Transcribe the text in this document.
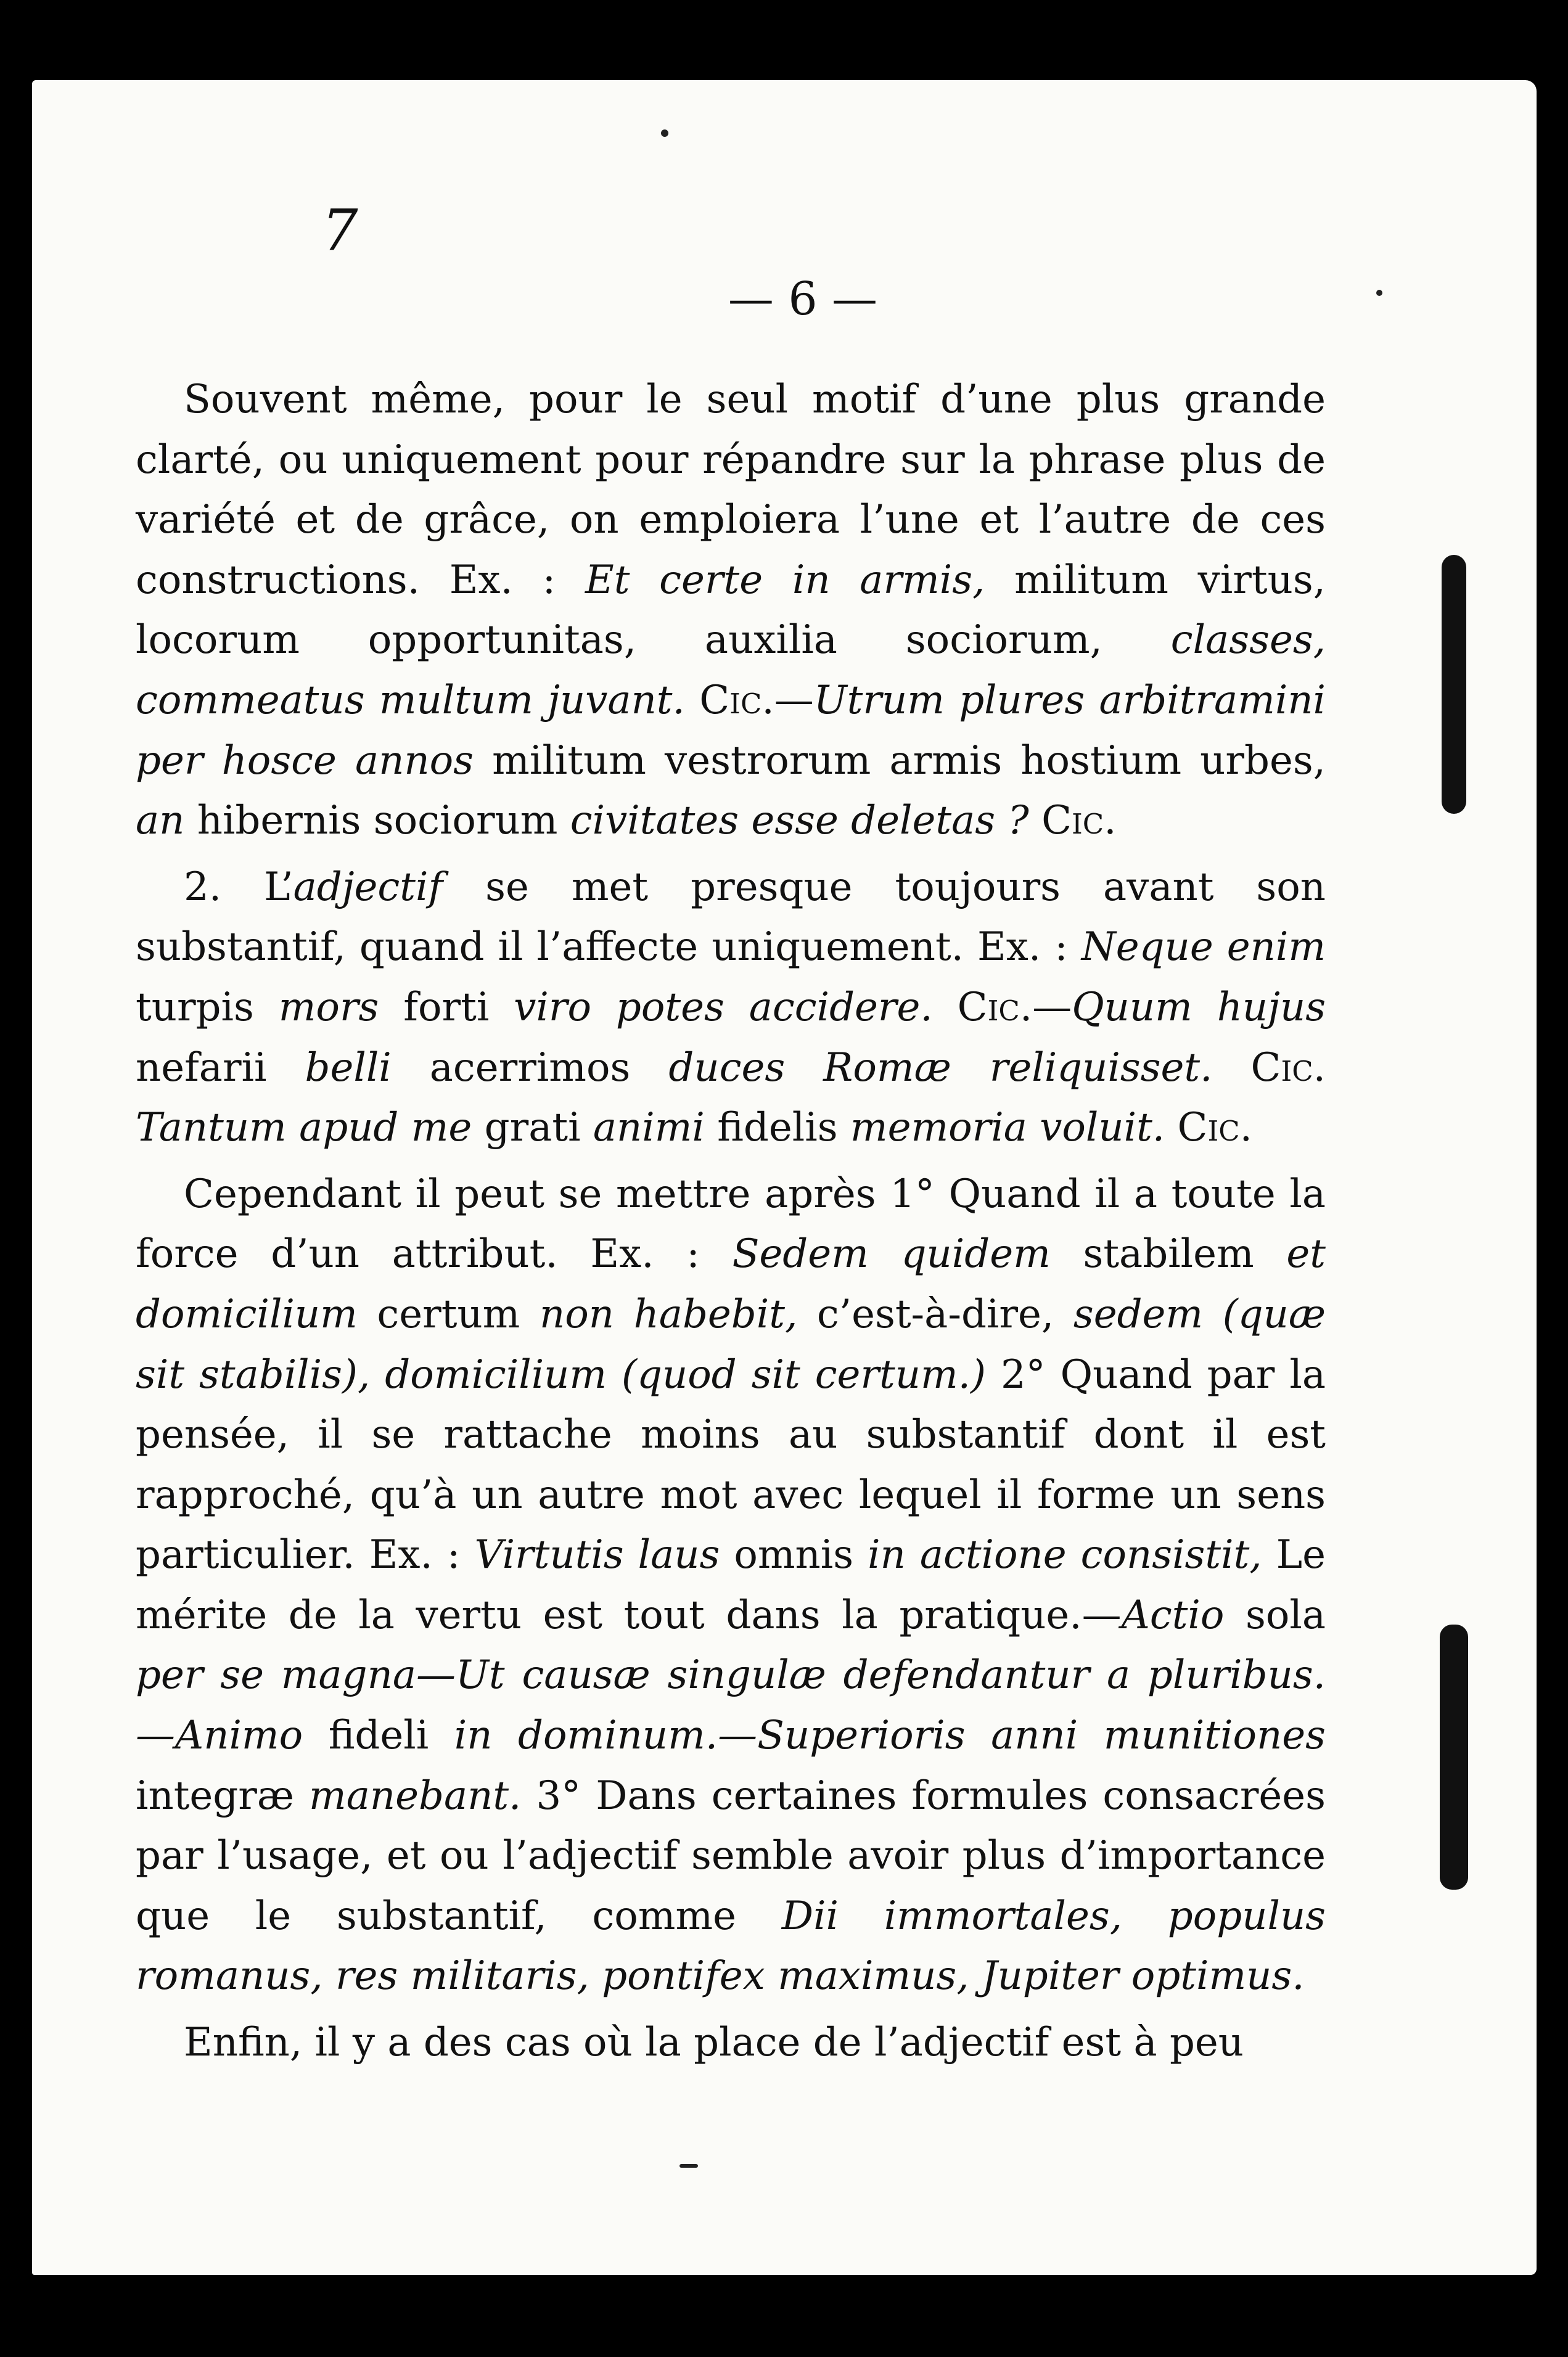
7
— 6 —

Souvent même, pour le seul motif d’une plus grande clarté, ou uniquement pour répandre sur la phrase plus de variété et de grâce, on emploiera l’une et l’autre de ces constructions. Ex. : Et certe in armis, militum virtus, locorum opportunitas, auxilia sociorum, classes, commeatus multum juvant. Cic.—Utrum plures arbitramini per hosce annos militum vestrorum armis hostium urbes, an hibernis sociorum civitates esse deletas ? Cic.

2. L’adjectif se met presque toujours avant son substantif, quand il l’affecte uniquement. Ex. : Neque enim turpis mors forti viro potes accidere. Cic.—Quum hujus nefarii belli acerrimos duces Romæ reliquisset. Cic. Tantum apud me grati animi fidelis memoria voluit. Cic.

Cependant il peut se mettre après 1° Quand il a toute la force d’un attribut. Ex. : Sedem quidem stabilem et domicilium certum non habebit, c’est-à-dire, sedem (quæ sit stabilis), domicilium (quod sit certum.) 2° Quand par la pensée, il se rattache moins au substantif dont il est rapproché, qu’à un autre mot avec lequel il forme un sens particulier. Ex. : Virtutis laus omnis in actione consistit, Le mérite de la vertu est tout dans la pratique.—Actio sola per se magna—Ut causæ singulæ defendantur a pluribus.—Animo fideli in dominum.—Superioris anni munitiones integræ manebant. 3° Dans certaines formules consacrées par l’usage, et ou l’adjectif semble avoir plus d’importance que le substantif, comme Dii immortales, populus romanus, res militaris, pontifex maximus, Jupiter optimus.

Enfin, il y a des cas où la place de l’adjectif est à peu
